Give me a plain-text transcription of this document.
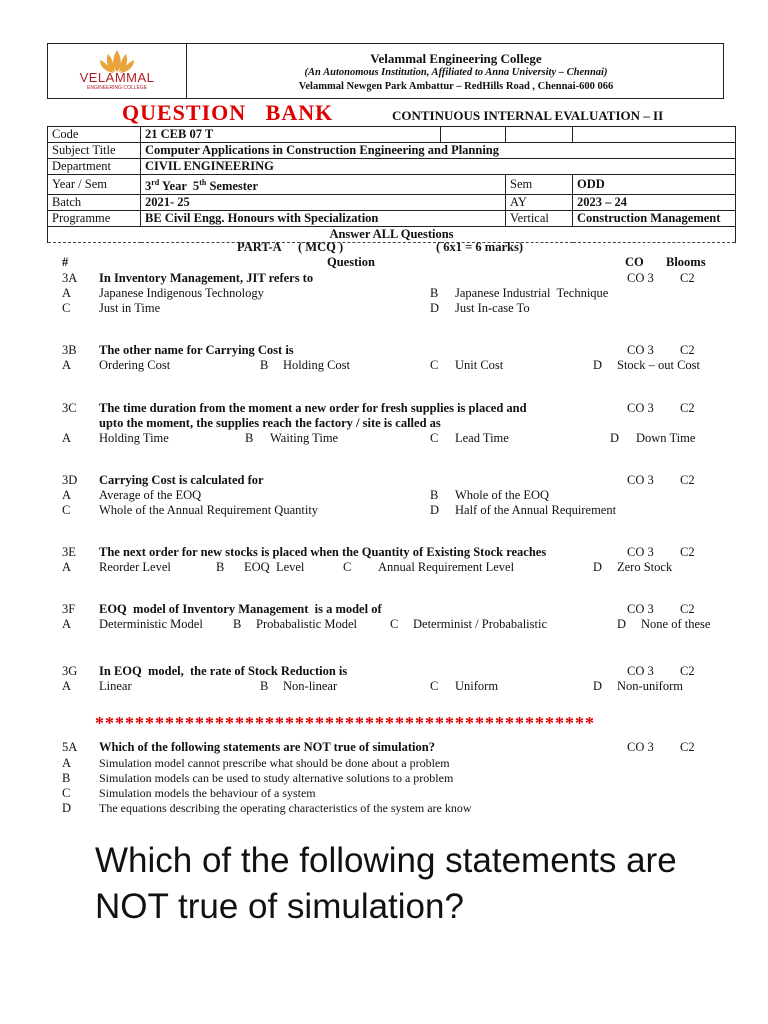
VELAMMAL
ENGINEERING COLLEGE
Velammal Engineering College
(An Autonomous Institution, Affiliated to Anna University – Chennai)
Velammal Newgen Park Ambattur – RedHills Road , Chennai-600 066
QUESTION   BANK	CONTINUOUS INTERNAL EVALUATION – II
Code	21 CEB 07 T			
Subject Title	Computer Applications in Construction Engineering and Planning			
Department	CIVIL ENGINEERING			
Year / Sem	3rd Year  5th Semester		Sem	ODD
Batch	2021- 25		AY	2023 – 24
Programme	BE Civil Engg. Honours with Specialization		Vertical	Construction Management
Answer ALL Questions				
PART-A ( MCQ )	( 6x1 = 6 marks)
#	Question	CO Blooms
3A In Inventory Management, JIT refers to	CO 3 C2
A Japanese Indigenous Technology	B Japanese Industrial  Technique
C Just in Time	D Just In-case To
3B The other name for Carrying Cost is	CO 3 C2
A Ordering Cost	B Holding Cost	C Unit Cost	D Stock – out Cost
3C The time duration from the moment a new order for fresh supplies is placed and	CO 3 C2
upto the moment, the supplies reach the factory / site is called as
A Holding Time	B Waiting Time	C Lead Time	D Down Time
3D Carrying Cost is calculated for	CO 3 C2
A Average of the EOQ	B Whole of the EOQ
C Whole of the Annual Requirement Quantity	D Half of the Annual Requirement
3E The next order for new stocks is placed when the Quantity of Existing Stock reaches	CO 3 C2
A Reorder Level	B EOQ  Level	C Annual Requirement Level	D Zero Stock
3F EOQ  model of Inventory Management  is a model of	CO 3 C2
A Deterministic Model B Probabalistic Model	C Determinist / Probabalistic	D None of these
3G In EOQ  model,  the rate of Stock Reduction is	CO 3 C2
A Linear	B Non-linear	C Uniform	D Non-uniform
**************************************************
5A Which of the following statements are NOT true of simulation?	CO 3 C2
A Simulation model cannot prescribe what should be done about a problem
B Simulation models can be used to study alternative solutions to a problem
C Simulation models the behaviour of a system
D The equations describing the operating characteristics of the system are know
Which of the following statements are NOT true of simulation?
